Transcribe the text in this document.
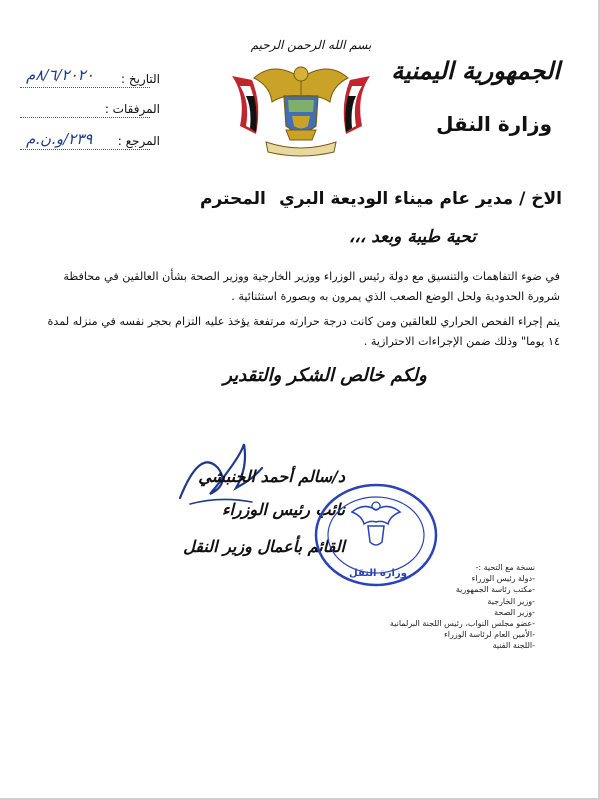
الجمهورية اليمنية
وزارة النقل
بسم الله الرحمن الرحيم
التاريخ :
المرفقات :
المرجع :
٨/٦/٢٠٢٠م
٢٣٩/و.ن.م
الاخ / مدير عام ميناء الوديعة البري
المحترم
تحية طيبة وبعد ،،،
في ضوء التفاهمات والتنسيق مع دولة رئيس الوزراء ووزير الخارجية ووزير الصحة بشأن العالقين في محافظة شرورة الحدودية ولحل الوضع الصعب الذي يمرون به وبصورة استثنائية .
يتم إجراء الفحص الحراري للعالقين ومن كانت درجة حرارته مرتفعة يؤخذ عليه التزام بحجر نفسه في منزله لمدة ١٤ يوما" وذلك ضمن الإجراءات الاحترازية .
ولكم خالص الشكر والتقدير
د/سالم أحمد الخنبشي
نائب رئيس الوزراء
القائم بأعمال وزير النقل
وزارة النقل
نسخة مع التحية :-
-دولة رئيس الوزراء
-مكتب رئاسة الجمهورية
-وزير الخارجية
-وزير الصحة
-عضو مجلس النواب، رئيس اللجنة البرلمانية
-الأمين العام لرئاسة الوزراء
-اللجنة الفنية
